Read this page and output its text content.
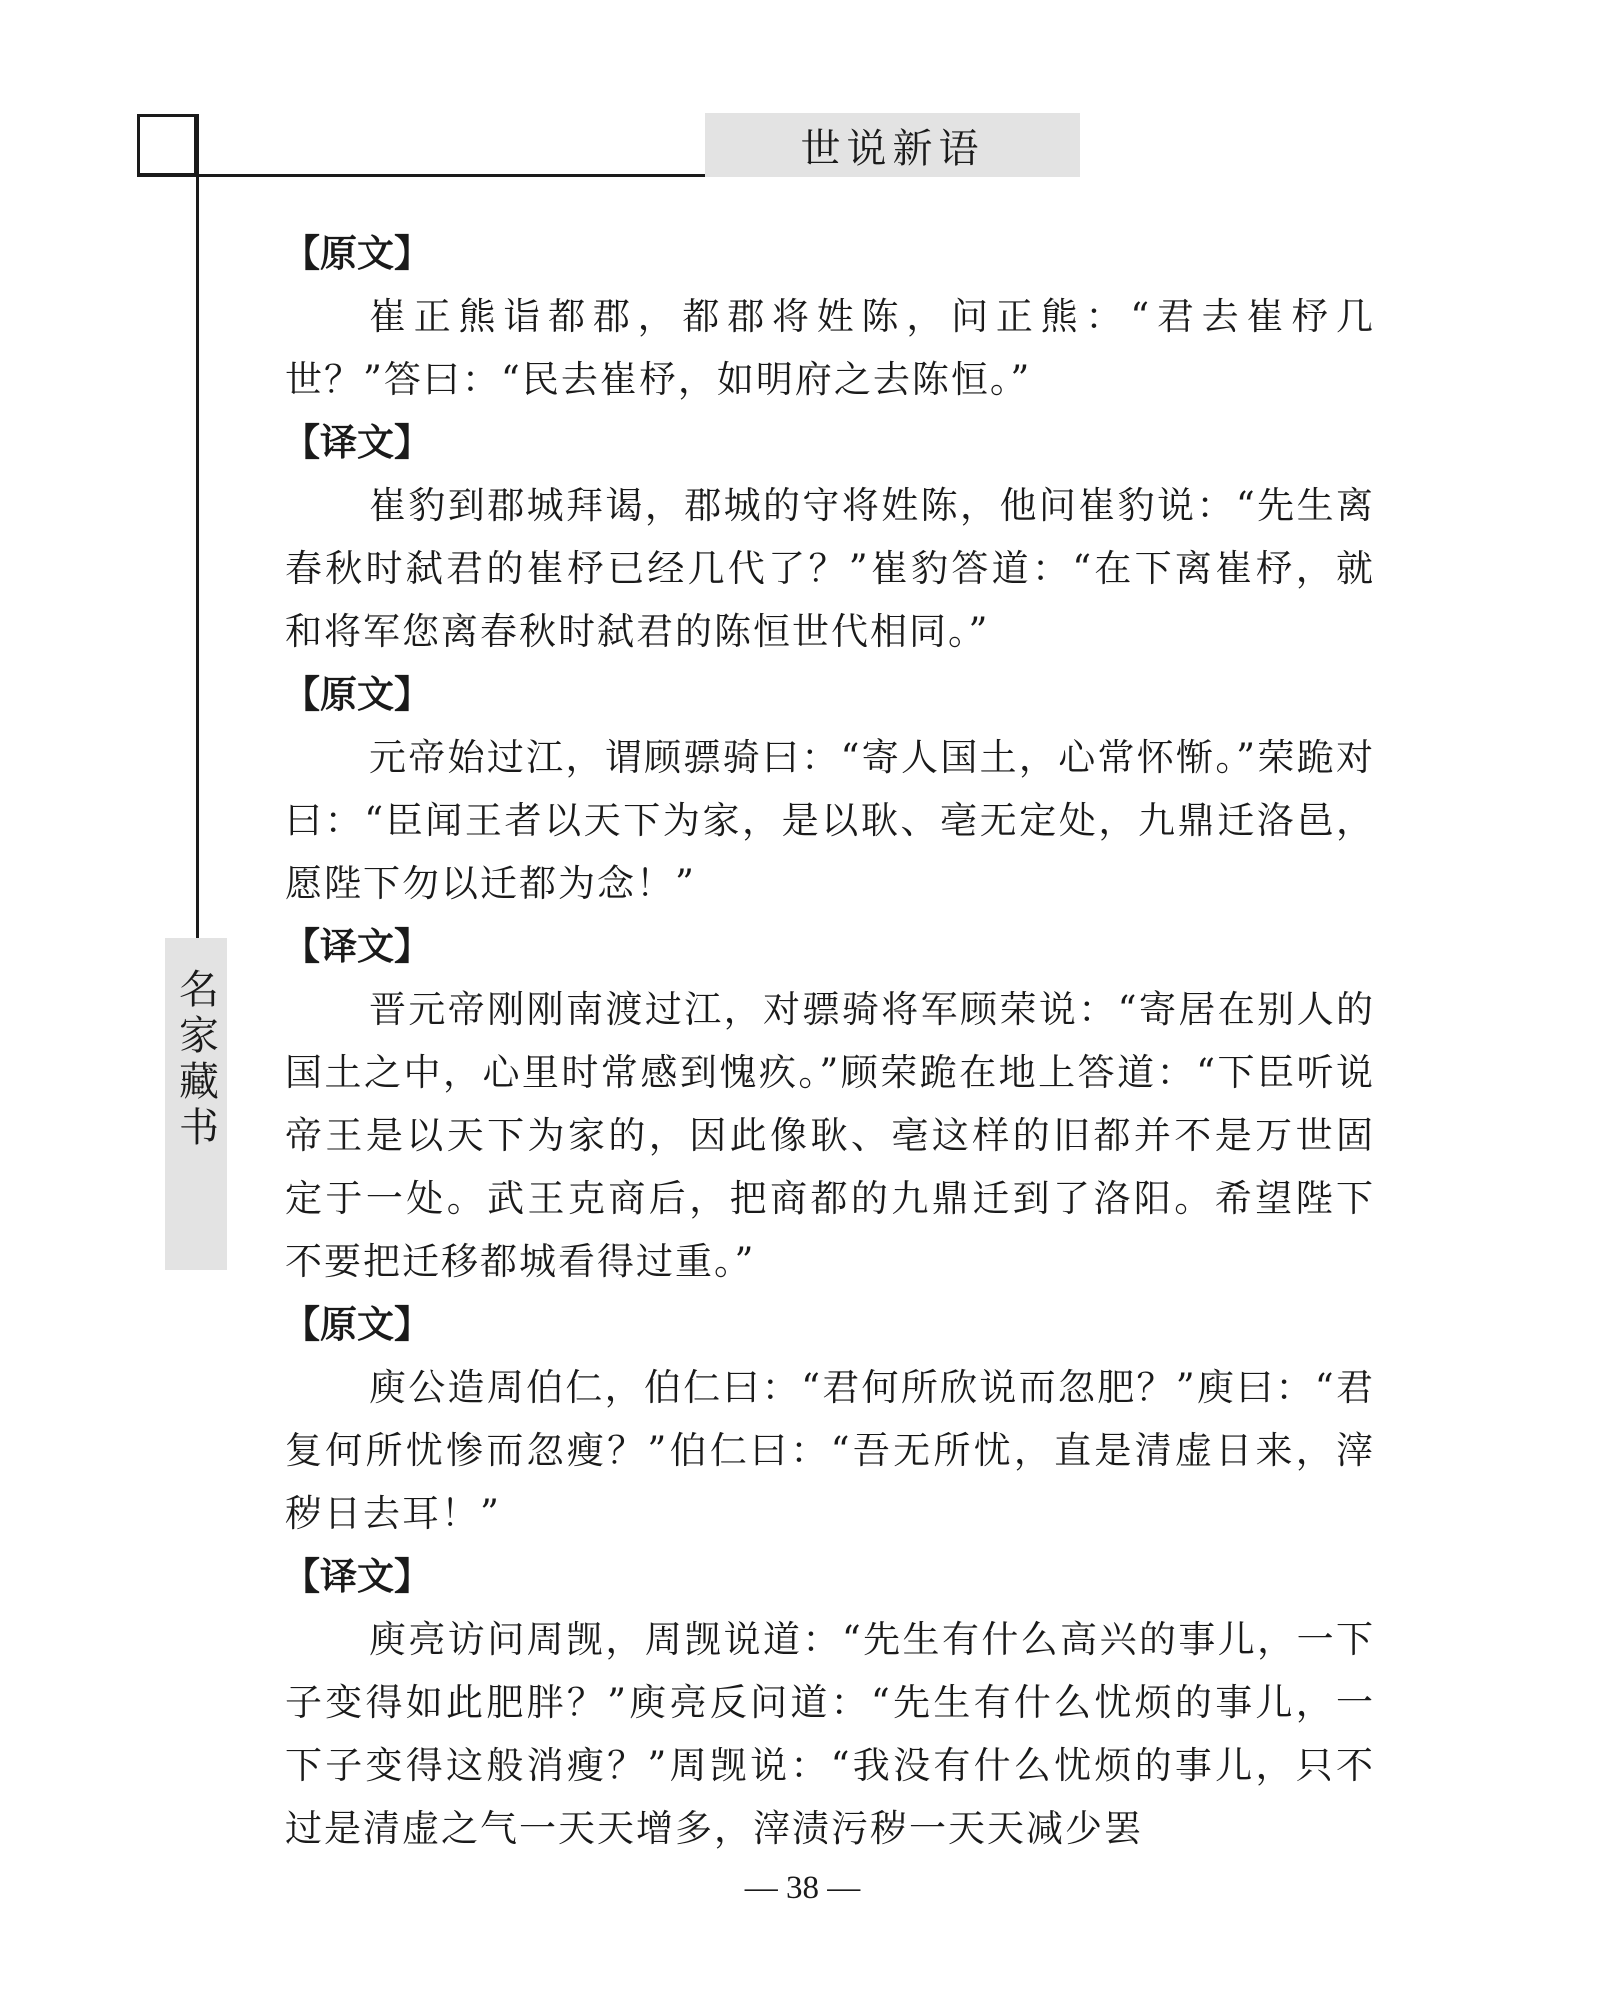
世说新语
名家藏书
【原文】

崔正熊诣都郡，都郡将姓陈，问正熊：“君去崔杼几世？”答曰：“民去崔杼，如明府之去陈恒。”

【译文】

崔豹到郡城拜谒，郡城的守将姓陈，他问崔豹说：“先生离春秋时弑君的崔杼已经几代了？”崔豹答道：“在下离崔杼，就和将军您离春秋时弑君的陈恒世代相同。”

【原文】

元帝始过江，谓顾骠骑曰：“寄人国土，心常怀惭。”荣跪对曰：“臣闻王者以天下为家，是以耿、亳无定处，九鼎迁洛邑，愿陛下勿以迁都为念！”

【译文】

晋元帝刚刚南渡过江，对骠骑将军顾荣说：“寄居在别人的国土之中，心里时常感到愧疚。”顾荣跪在地上答道：“下臣听说帝王是以天下为家的，因此像耿、亳这样的旧都并不是万世固定于一处。武王克商后，把商都的九鼎迁到了洛阳。希望陛下不要把迁移都城看得过重。”

【原文】

庾公造周伯仁，伯仁曰：“君何所欣说而忽肥？”庾曰：“君复何所忧惨而忽瘦？”伯仁曰：“吾无所忧，直是清虚日来，滓秽日去耳！”

【译文】

庾亮访问周觊，周觊说道：“先生有什么高兴的事儿，一下子变得如此肥胖？”庾亮反问道：“先生有什么忧烦的事儿，一下子变得这般消瘦？”周觊说：“我没有什么忧烦的事儿，只不过是清虚之气一天天增多，滓渍污秽一天天减少罢

— 38 —
